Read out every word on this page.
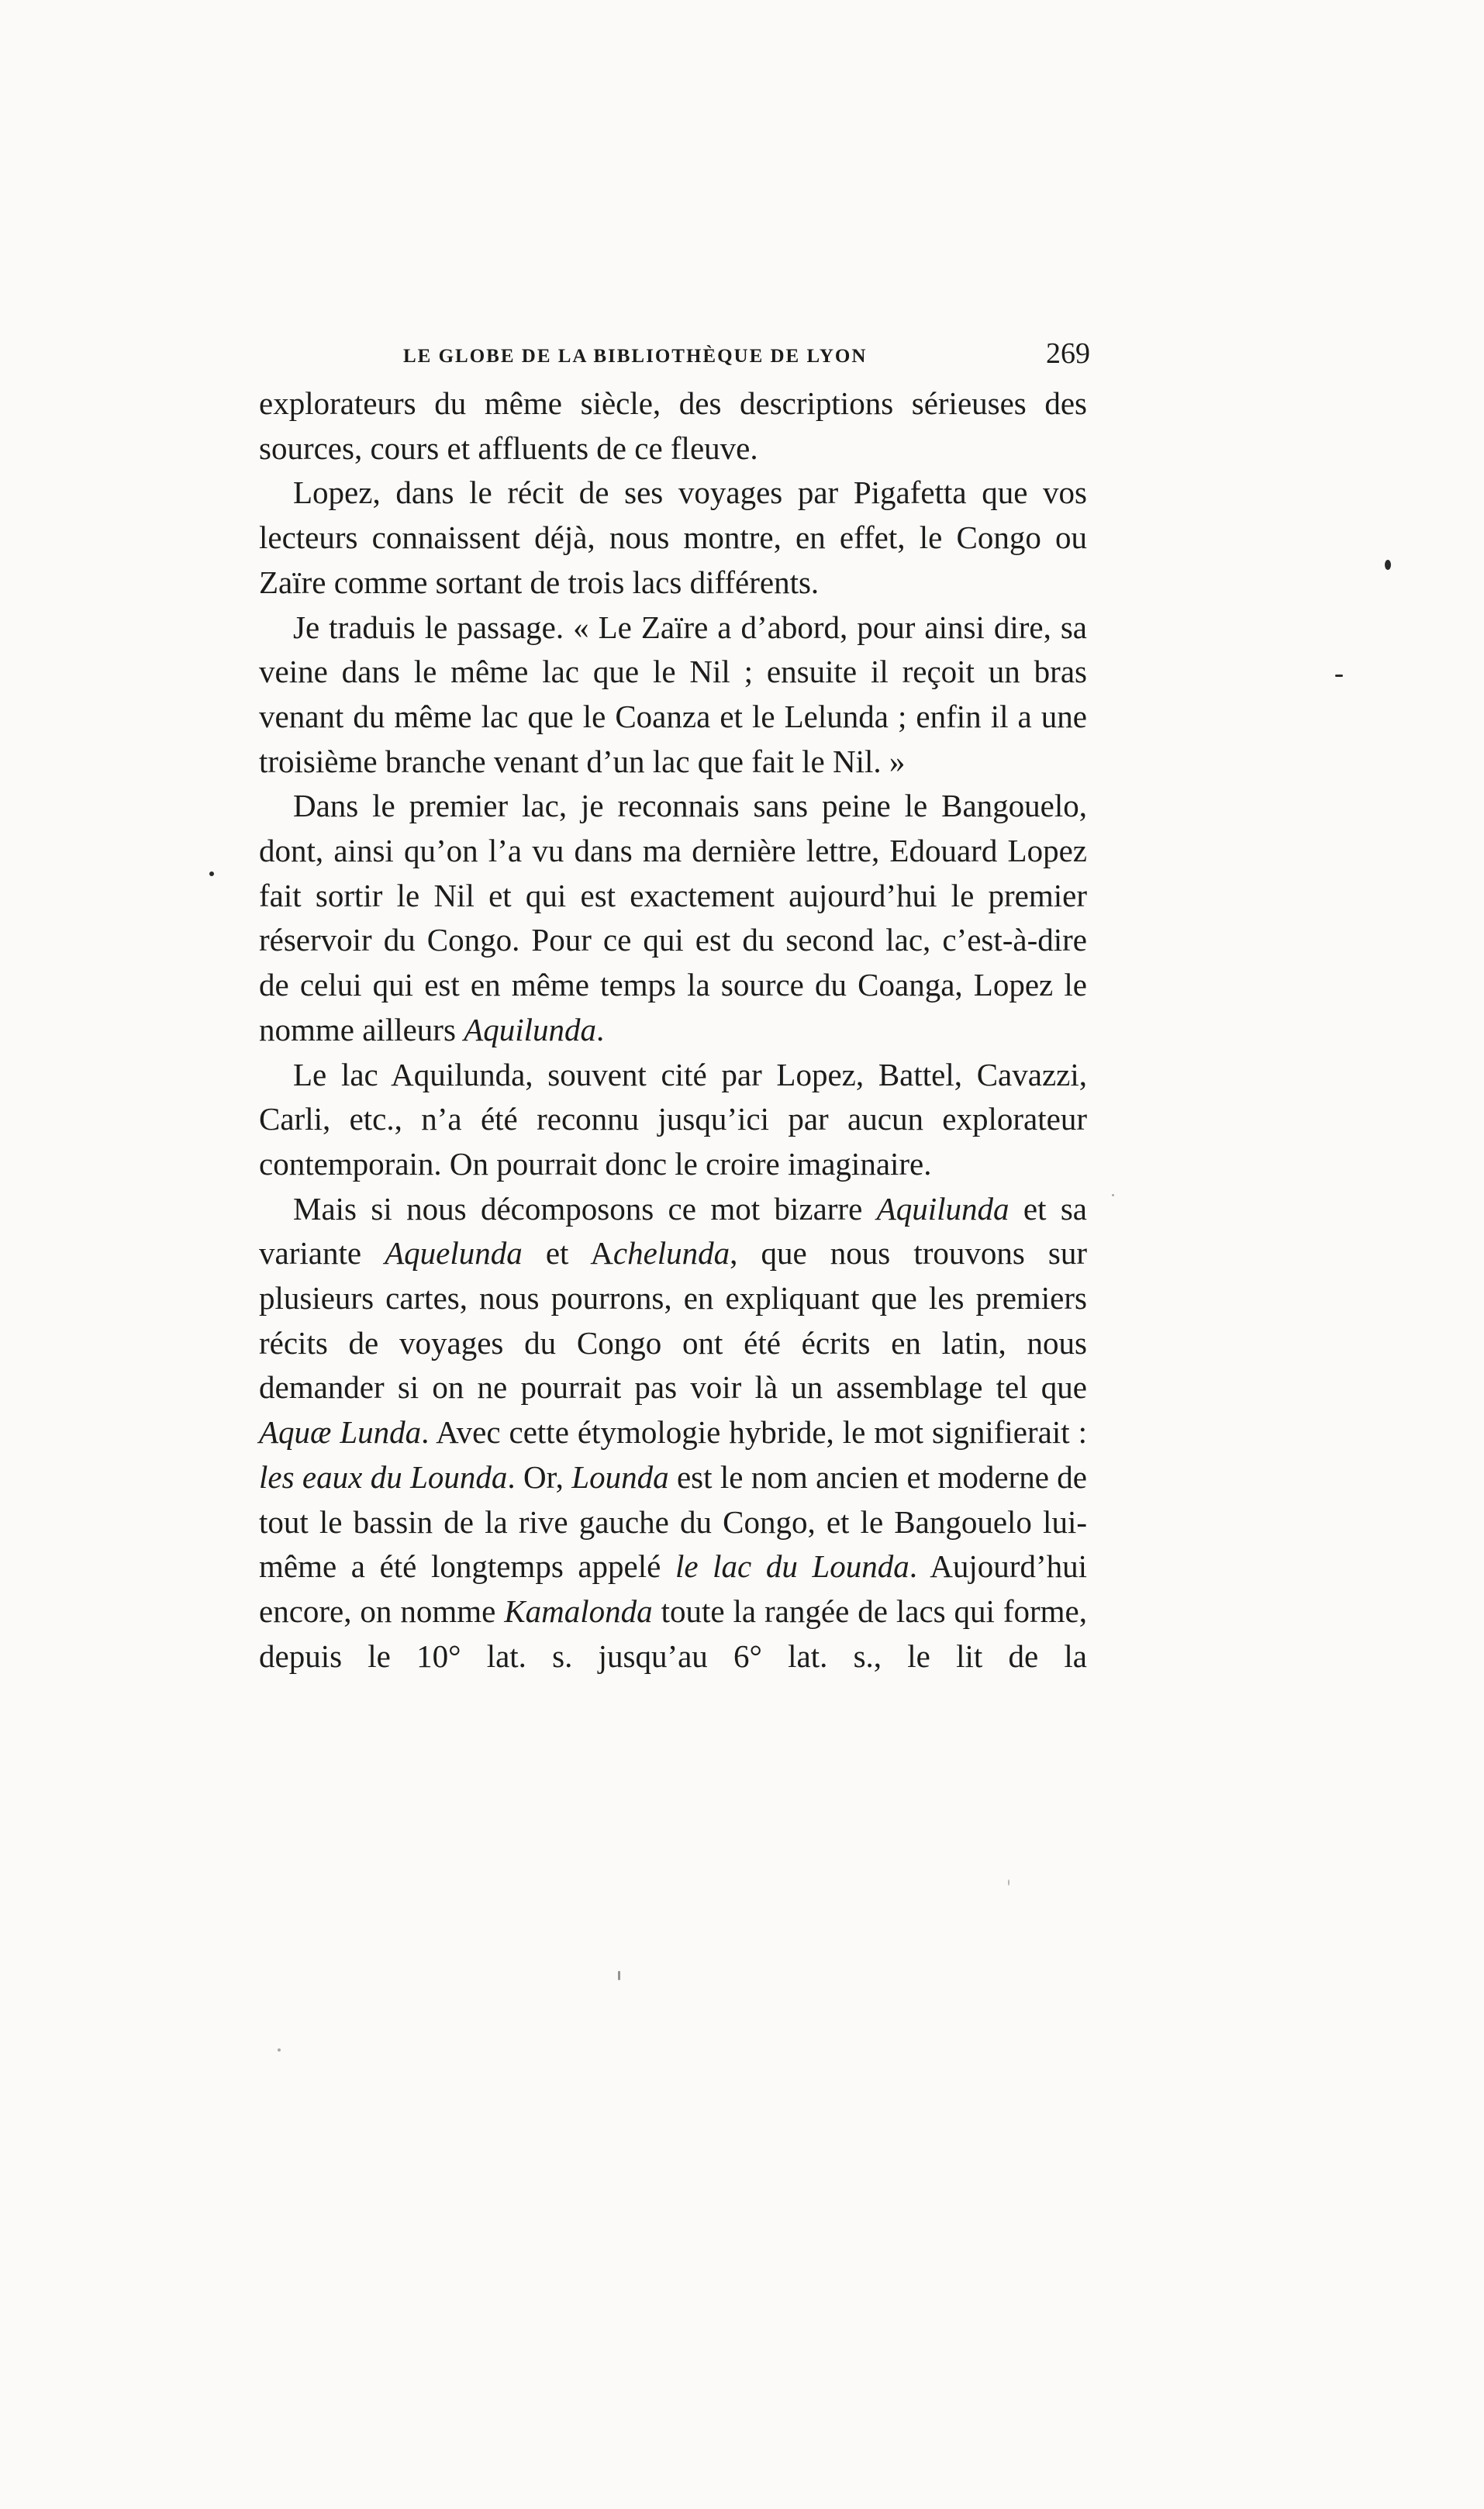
LE GLOBE DE LA BIBLIOTHÈQUE DE LYON	269

explorateurs du même siècle, des descriptions sérieuses des sources, cours et affluents de ce fleuve.

Lopez, dans le récit de ses voyages par Pigafetta que vos lecteurs connaissent déjà, nous montre, en effet, le Congo ou Zaïre comme sortant de trois lacs différents.

Je traduis le passage. « Le Zaïre a d’abord, pour ainsi dire, sa veine dans le même lac que le Nil ; ensuite il reçoit un bras venant du même lac que le Coanza et le Lelunda ; enfin il a une troisième branche venant d’un lac que fait le Nil. »

Dans le premier lac, je reconnais sans peine le Bangouelo, dont, ainsi qu’on l’a vu dans ma dernière lettre, Edouard Lopez fait sortir le Nil et qui est exactement aujourd’hui le premier réservoir du Congo. Pour ce qui est du second lac, c’est-à-dire de celui qui est en même temps la source du Coanga, Lopez le nomme ailleurs Aquilunda.

Le lac Aquilunda, souvent cité par Lopez, Battel, Cavazzi, Carli, etc., n’a été reconnu jusqu’ici par aucun explorateur contemporain. On pourrait donc le croire imaginaire.

Mais si nous décomposons ce mot bizarre Aquilunda et sa variante Aquelunda et Achelunda, que nous trouvons sur plusieurs cartes, nous pourrons, en expliquant que les premiers récits de voyages du Congo ont été écrits en latin, nous demander si on ne pourrait pas voir là un assemblage tel que Aquæ Lunda. Avec cette étymologie hybride, le mot signifierait : les eaux du Lounda. Or, Lounda est le nom ancien et moderne de tout le bassin de la rive gauche du Congo, et le Bangouelo lui-même a été longtemps appelé le lac du Lounda. Aujourd’hui encore, on nomme Kamalonda toute la rangée de lacs qui forme, depuis le 10° lat. s. jusqu’au 6° lat. s., le lit de la
